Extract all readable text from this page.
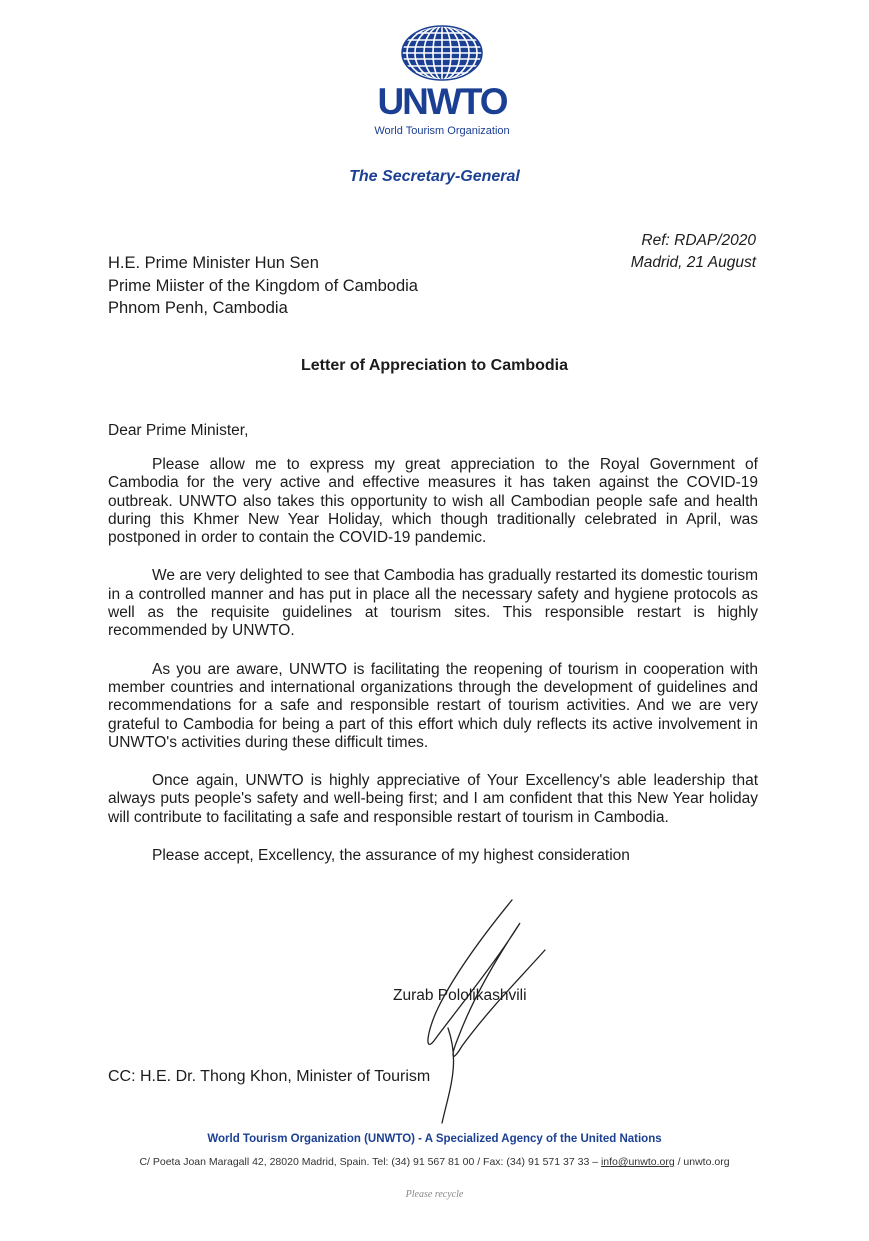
UNWTO
World Tourism Organization
The Secretary-General
Ref: RDAP/2020
Madrid, 21 August
H.E. Prime Minister Hun Sen
Prime Miister of the Kingdom of Cambodia
Phnom Penh, Cambodia
Letter of Appreciation to Cambodia
Dear Prime Minister,

Please allow me to express my great appreciation to the Royal Government of Cambodia for the very active and effective measures it has taken against the COVID-19 outbreak. UNWTO also takes this opportunity to wish all Cambodian people safe and health during this Khmer New Year Holiday, which though traditionally celebrated in April, was postponed in order to contain the COVID-19 pandemic.

We are very delighted to see that Cambodia has gradually restarted its domestic tourism in a controlled manner and has put in place all the necessary safety and hygiene protocols as well as the requisite guidelines at tourism sites. This responsible restart is highly recommended by UNWTO.

As you are aware, UNWTO is facilitating the reopening of tourism in cooperation with member countries and international organizations through the development of guidelines and recommendations for a safe and responsible restart of tourism activities. And we are very grateful to Cambodia for being a part of this effort which duly reflects its active involvement in UNWTO's activities during these difficult times.

Once again, UNWTO is highly appreciative of Your Excellency's able leadership that always puts people's safety and well-being first; and I am confident that this New Year holiday will contribute to facilitating a safe and responsible restart of tourism in Cambodia.

Please accept, Excellency, the assurance of my highest consideration

Zurab Pololikashvili
CC: H.E. Dr. Thong Khon, Minister of Tourism
World Tourism Organization (UNWTO) - A Specialized Agency of the United Nations
C/ Poeta Joan Maragall 42, 28020 Madrid, Spain. Tel: (34) 91 567 81 00 / Fax: (34) 91 571 37 33 – info@unwto.org / unwto.org
Please recycle
